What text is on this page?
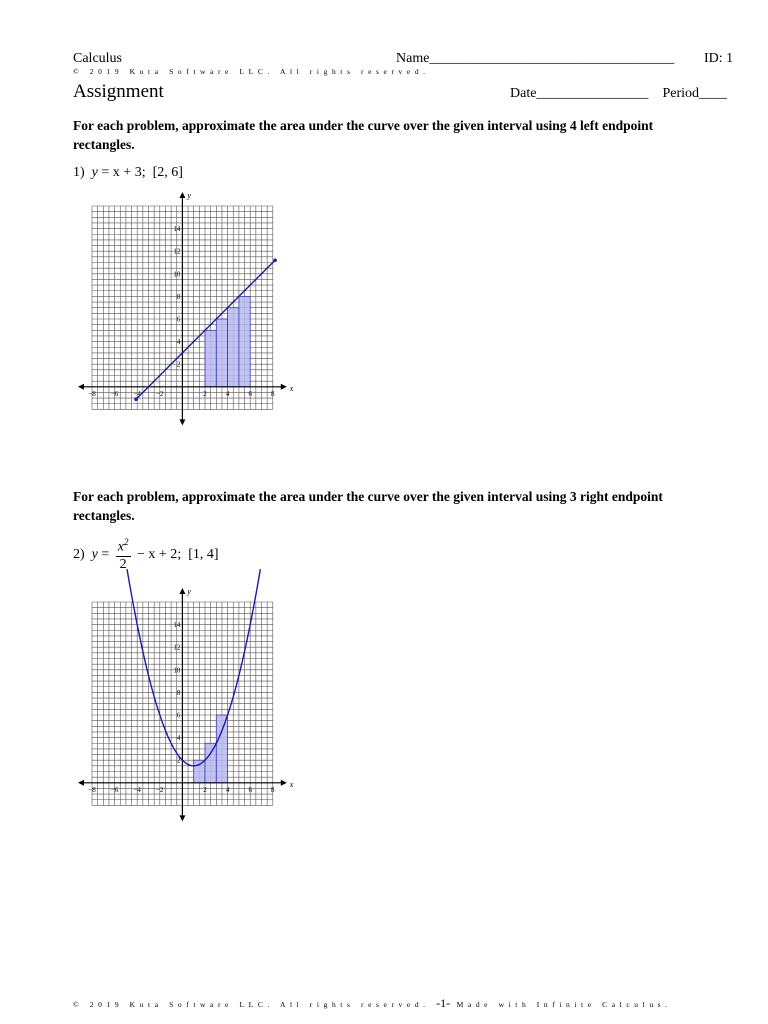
Calculus	Name___________________________________ ID: 1
© 2019 Kuta Software LLC. All rights reserved.
Assignment	Date________________ Period____
For each problem, approximate the area under the curve over the given interval using 4 left endpoint rectangles.
1) y = x + 3;  [2, 6]
−8 −6 −4 −2	2	4	6	8
2
4
6
8
10
12
14
x
y
For each problem, approximate the area under the curve over the given interval using 3 right endpoint rectangles.
2) $y = \frac{x^2}{2} - x + 2$;  [1, 4]
−8 −6 −4 −2	2	4	6	8
2
4
6
8
10
12
14
x
y
© 2019 Kuta Software LLC. All rights reserved. -1- Made with Infinite Calculus.
